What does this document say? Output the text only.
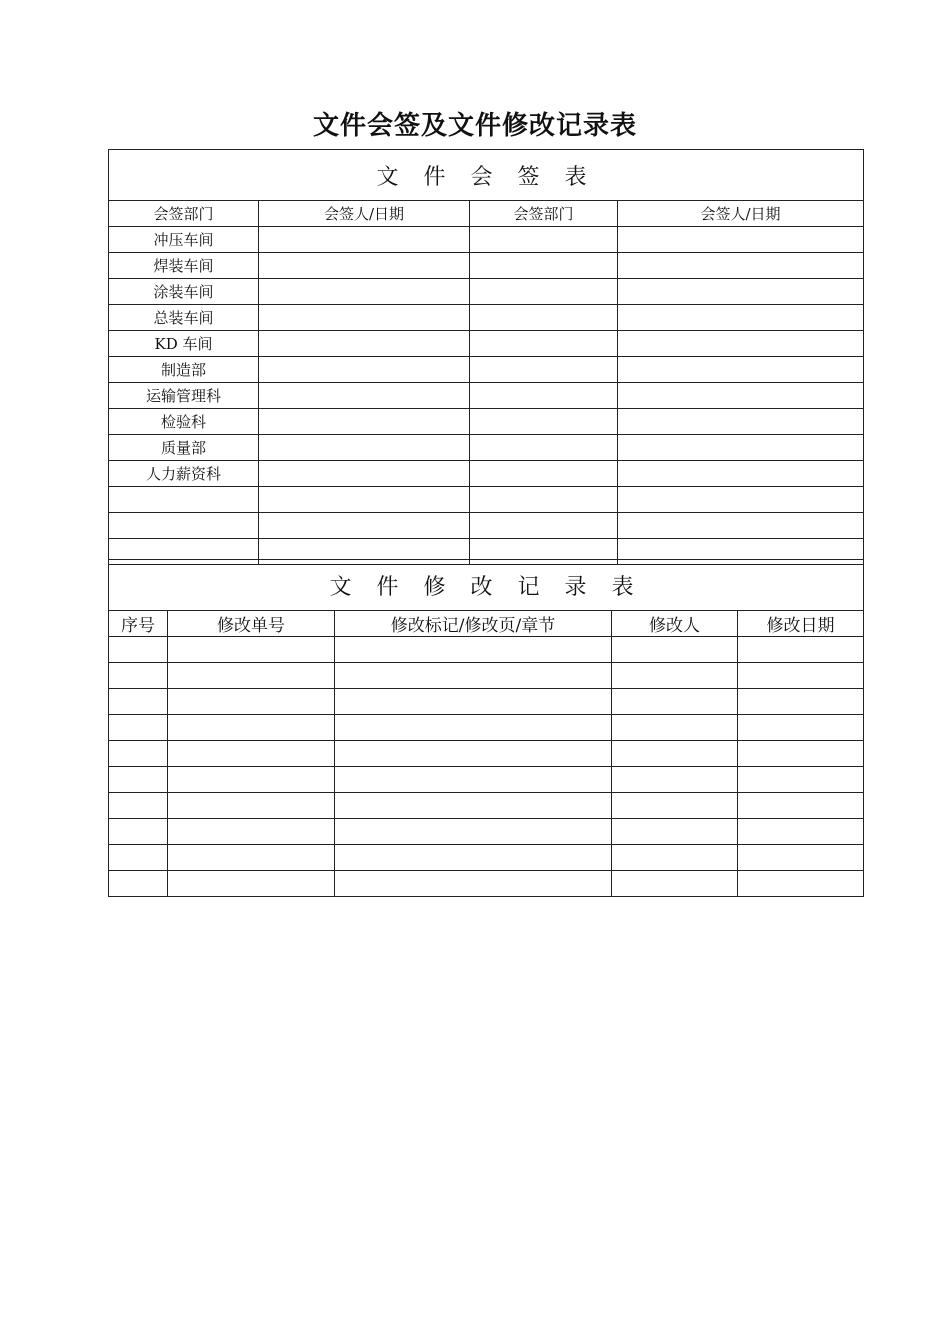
文件会签及文件修改记录表
文 件 会 签 表			
会签部门	会签人/日期	会签部门	会签人/日期
冲压车间			
焊装车间			
涂装车间			
总装车间			
KD 车间			
制造部			
运输管理科			
检验科			
质量部			
人力薪资科			

文 件 修 改 记 录 表				
序号	修改单号	修改标记/修改页/章节	修改人	修改日期
